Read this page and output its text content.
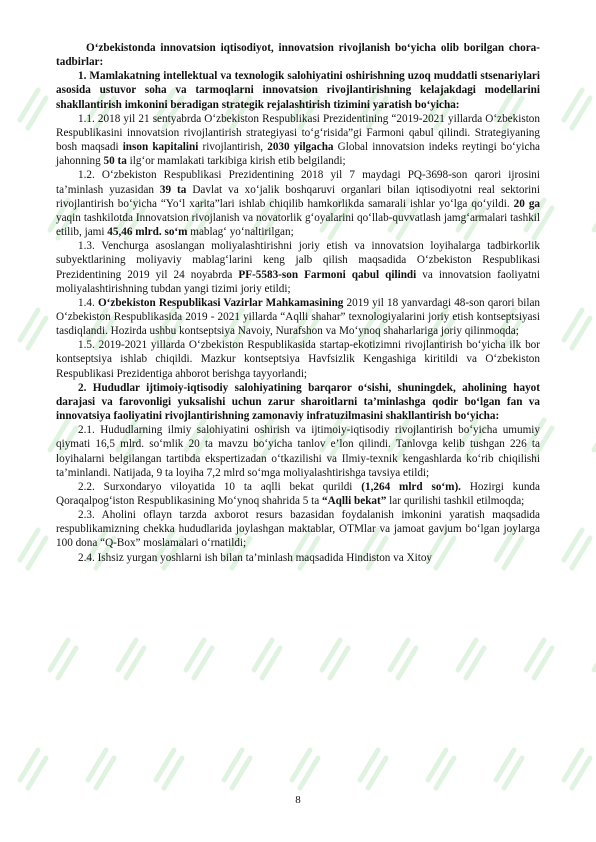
O‘zbekistonda innovatsion iqtisodiyot, innovatsion rivojlanish bo‘yicha olib borilgan chora-tadbirlar:

1. Mamlakatning intellektual va texnologik salohiyatini oshirishning uzoq muddatli stsenariylari asosida ustuvor soha va tarmoqlarni innovatsion rivojlantirishning kelajakdagi modellarini shakllantirish imkonini beradigan strategik rejalashtirish tizimini yaratish bo‘yicha:

1.1. 2018 yil 21 sentyabrda O‘zbekiston Respublikasi Prezidentining “2019-2021 yillarda O‘zbekiston Respublikasini innovatsion rivojlantirish strategiyasi to‘g‘risida”gi Farmoni qabul qilindi. Strategiyaning bosh maqsadi inson kapitalini rivojlantirish, 2030 yilgacha Global innovatsion indeks reytingi bo‘yicha jahonning 50 ta ilg‘or mamlakati tarkibiga kirish etib belgilandi;

1.2. O‘zbekiston Respublikasi Prezidentining 2018 yil 7 maydagi PQ-3698-son qarori ijrosini ta’minlash yuzasidan 39 ta Davlat va xo‘jalik boshqaruvi organlari bilan iqtisodiyotni real sektorini rivojlantirish bo‘yicha “Yo‘l xarita”lari ishlab chiqilib hamkorlikda samarali ishlar yo‘lga qo‘yildi. 20 ga yaqin tashkilotda Innovatsion rivojlanish va novatorlik g‘oyalarini qo‘llab-quvvatlash jamg‘armalari tashkil etilib, jami 45,46 mlrd. so‘m mablag‘ yo‘naltirilgan;

1.3. Venchurga asoslangan moliyalashtirishni joriy etish va innovatsion loyihalarga tadbirkorlik subyektlarining moliyaviy mablag‘larini keng jalb qilish maqsadida O‘zbekiston Respublikasi Prezidentining 2019 yil 24 noyabrda PF-5583-son Farmoni qabul qilindi va innovatsion faoliyatni moliyalashtirishning tubdan yangi tizimi joriy etildi;

1.4. O‘zbekiston Respublikasi Vazirlar Mahkamasining 2019 yil 18 yanvardagi 48-son qarori bilan O‘zbekiston Respublikasida 2019 - 2021 yillarda “Aqlli shahar” texnologiyalarini joriy etish kontseptsiyasi tasdiqlandi. Hozirda ushbu kontseptsiya Navoiy, Nurafshon va Mo‘ynoq shaharlariga joriy qilinmoqda;

1.5. 2019-2021 yillarda O‘zbekiston Respublikasida startap-ekotizimni rivojlantirish bo‘yicha ilk bor kontseptsiya ishlab chiqildi. Mazkur kontseptsiya Havfsizlik Kengashiga kiritildi va O‘zbekiston Respublikasi Prezidentiga ahborot berishga tayyorlandi;

2. Hududlar ijtimoiy-iqtisodiy salohiyatining barqaror o‘sishi, shuningdek, aholining hayot darajasi va farovonligi yuksalishi uchun zarur sharoitlarni ta’minlashga qodir bo‘lgan fan va innovatsiya faoliyatini rivojlantirishning zamonaviy infratuzilmasini shakllantirish bo‘yicha:

2.1. Hududlarning ilmiy salohiyatini oshirish va ijtimoiy-iqtisodiy rivojlantirish bo‘yicha umumiy qiymati 16,5 mlrd. so‘mlik 20 ta mavzu bo‘yicha tanlov e’lon qilindi. Tanlovga kelib tushgan 226 ta loyihalarni belgilangan tartibda ekspertizadan o‘tkazilishi va Ilmiy-texnik kengashlarda ko‘rib chiqilishi ta’minlandi. Natijada, 9 ta loyiha 7,2 mlrd so‘mga moliyalashtirishga tavsiya etildi;

2.2. Surxondaryo viloyatida 10 ta aqlli bekat qurildi (1,264 mlrd so‘m). Hozirgi kunda Qoraqalpog‘iston Respublikasining Mo‘ynoq shahrida 5 ta “Aqlli bekat” lar qurilishi tashkil etilmoqda;

2.3. Aholini oflayn tarzda axborot resurs bazasidan foydalanish imkonini yaratish maqsadida respublikamizning chekka hududlarida joylashgan maktablar, OTMlar va jamoat gavjum bo‘lgan joylarga 100 dona “Q-Box” moslamalari o‘rnatildi;

2.4. Ishsiz yurgan yoshlarni ish bilan ta’minlash maqsadida Hindiston va Xitoy

8
